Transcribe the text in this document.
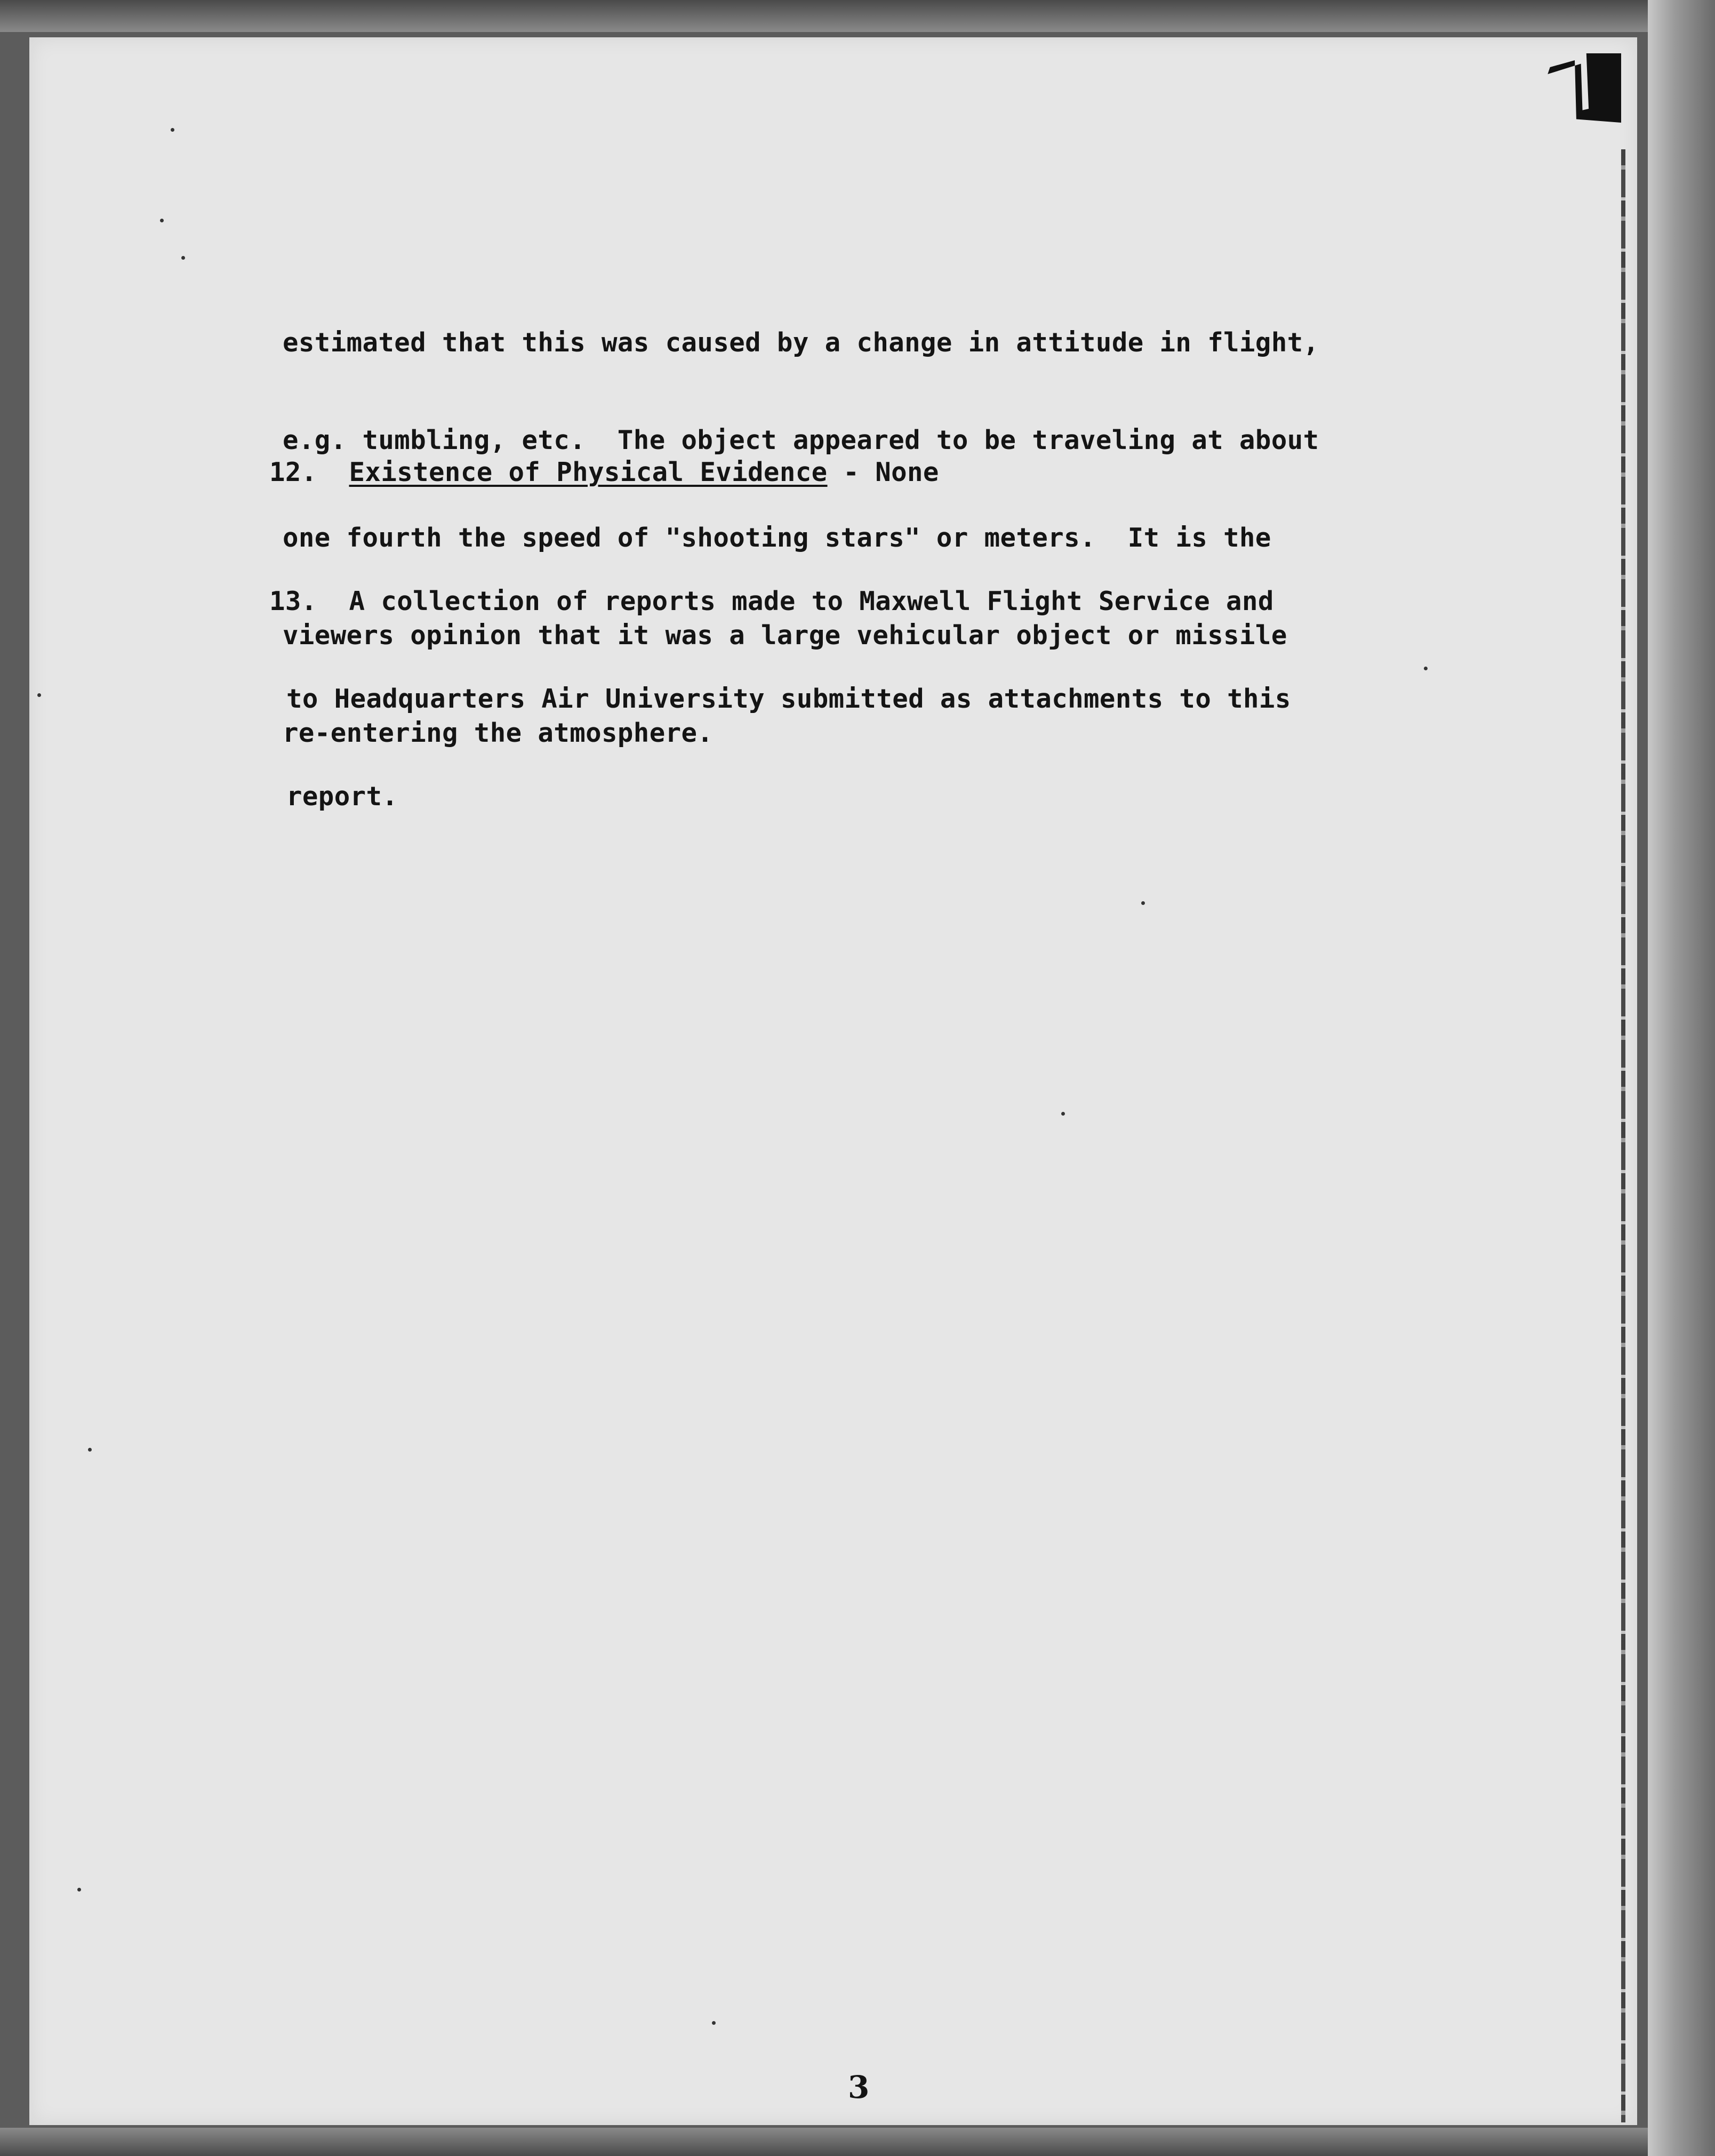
estimated that this was caused by a change in attitude in flight,

e.g. tumbling, etc.  The object appeared to be traveling at about

one fourth the speed of "shooting stars" or meters.  It is the

viewers opinion that it was a large vehicular object or missile

re-entering the atmosphere.

12. Existence of Physical Evidence - None

13. A collection of reports made to Maxwell Flight Service and

to Headquarters Air University submitted as attachments to this

report.

3
